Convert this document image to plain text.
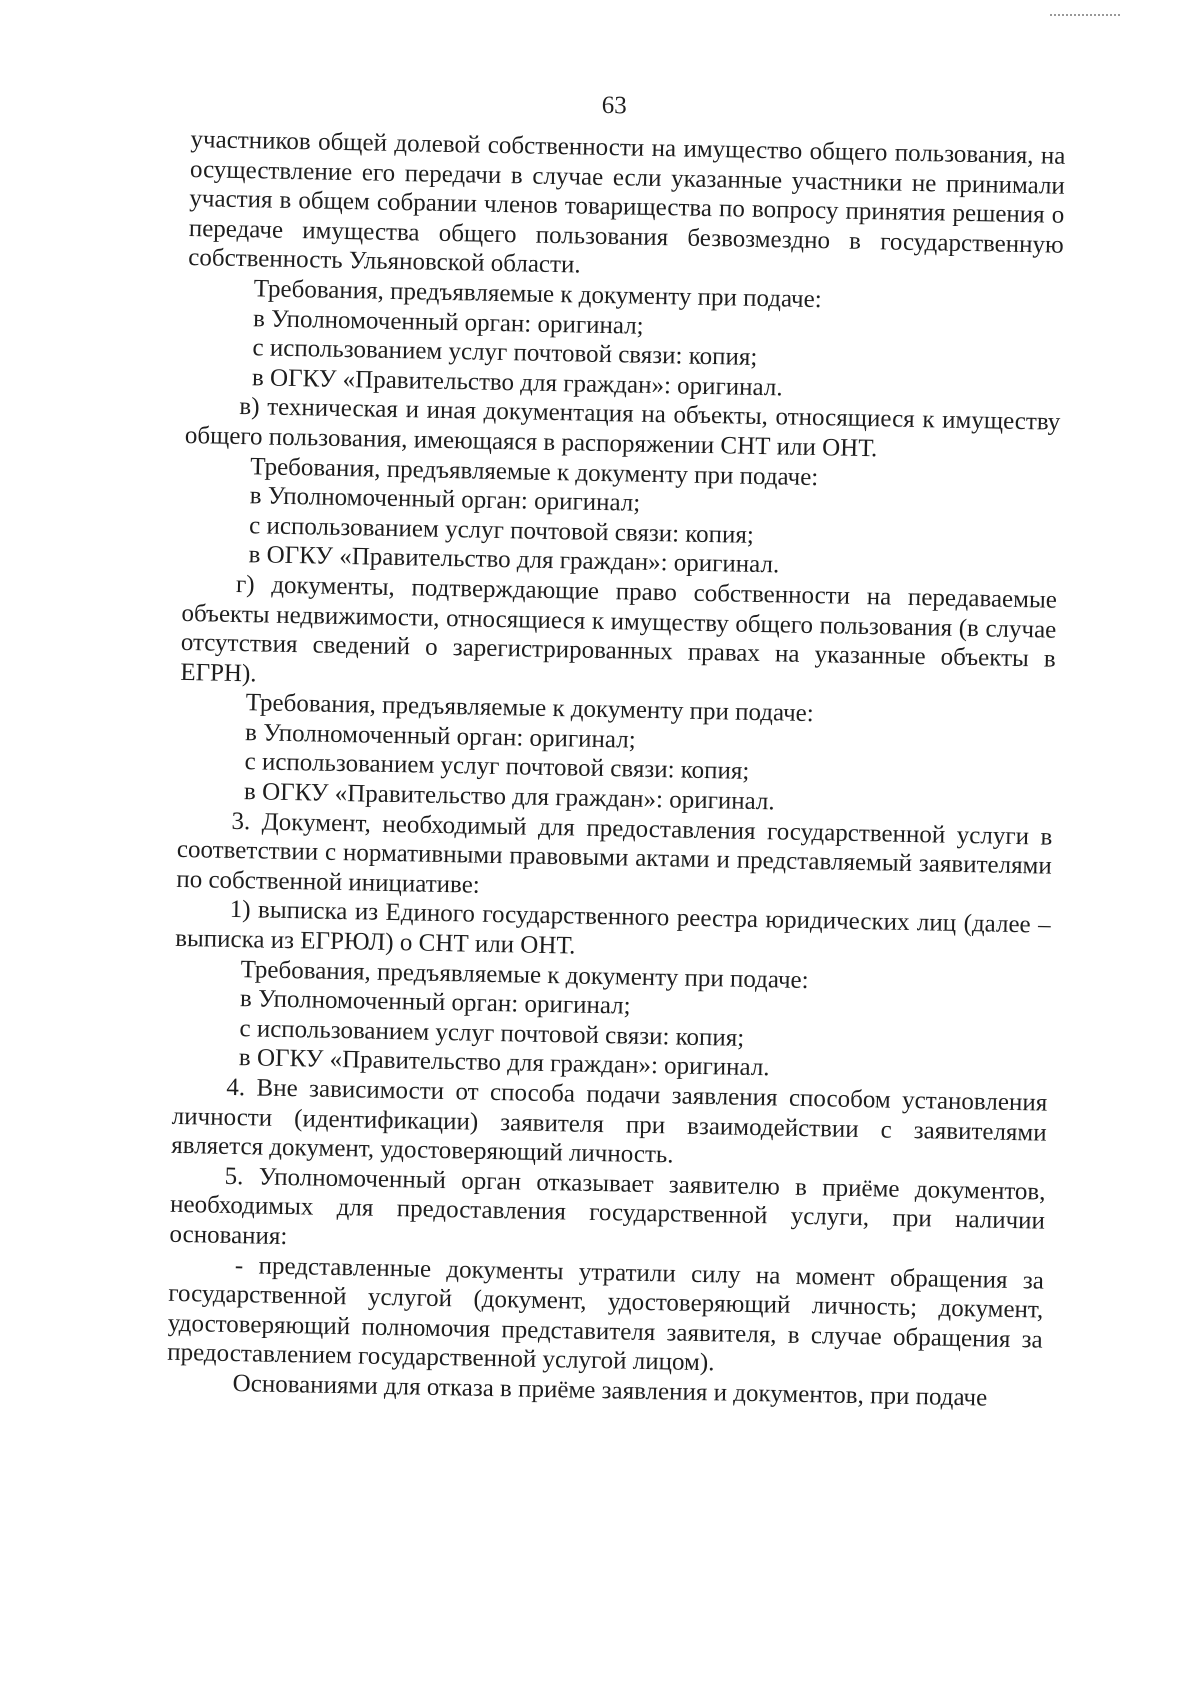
63

участников общей долевой собственности на имущество общего пользования, на осуществление его передачи в случае если указанные участники не принимали участия в общем собрании членов товарищества по вопросу принятия решения о передаче имущества общего пользования безвозмездно в государственную собственность Ульяновской области.

Требования, предъявляемые к документу при подаче:

в Уполномоченный орган: оригинал;

с использованием услуг почтовой связи: копия;

в ОГКУ «Правительство для граждан»: оригинал.

в) техническая и иная документация на объекты, относящиеся к имуществу общего пользования, имеющаяся в распоряжении СНТ или ОНТ.

Требования, предъявляемые к документу при подаче:

в Уполномоченный орган: оригинал;

с использованием услуг почтовой связи: копия;

в ОГКУ «Правительство для граждан»: оригинал.

г) документы, подтверждающие право собственности на передаваемые объекты недвижимости, относящиеся к имуществу общего пользования (в случае отсутствия сведений о зарегистрированных правах на указанные объекты в ЕГРН).

Требования, предъявляемые к документу при подаче:

в Уполномоченный орган: оригинал;

с использованием услуг почтовой связи: копия;

в ОГКУ «Правительство для граждан»: оригинал.

3. Документ, необходимый для предоставления государственной услуги в соответствии с нормативными правовыми актами и представляемый заявителями по собственной инициативе:

1) выписка из Единого государственного реестра юридических лиц (далее – выписка из ЕГРЮЛ) о СНТ или ОНТ.

Требования, предъявляемые к документу при подаче:

в Уполномоченный орган: оригинал;

с использованием услуг почтовой связи: копия;

в ОГКУ «Правительство для граждан»: оригинал.

4. Вне зависимости от способа подачи заявления способом установления личности (идентификации) заявителя при взаимодействии с заявителями является документ, удостоверяющий личность.

5. Уполномоченный орган отказывает заявителю в приёме документов, необходимых для предоставления государственной услуги, при наличии основания:

- представленные документы утратили силу на момент обращения за государственной услугой (документ, удостоверяющий личность; документ, удостоверяющий полномочия представителя заявителя, в случае обращения за предоставлением государственной услугой лицом).

Основаниями для отказа в приёме заявления и документов, при подаче
